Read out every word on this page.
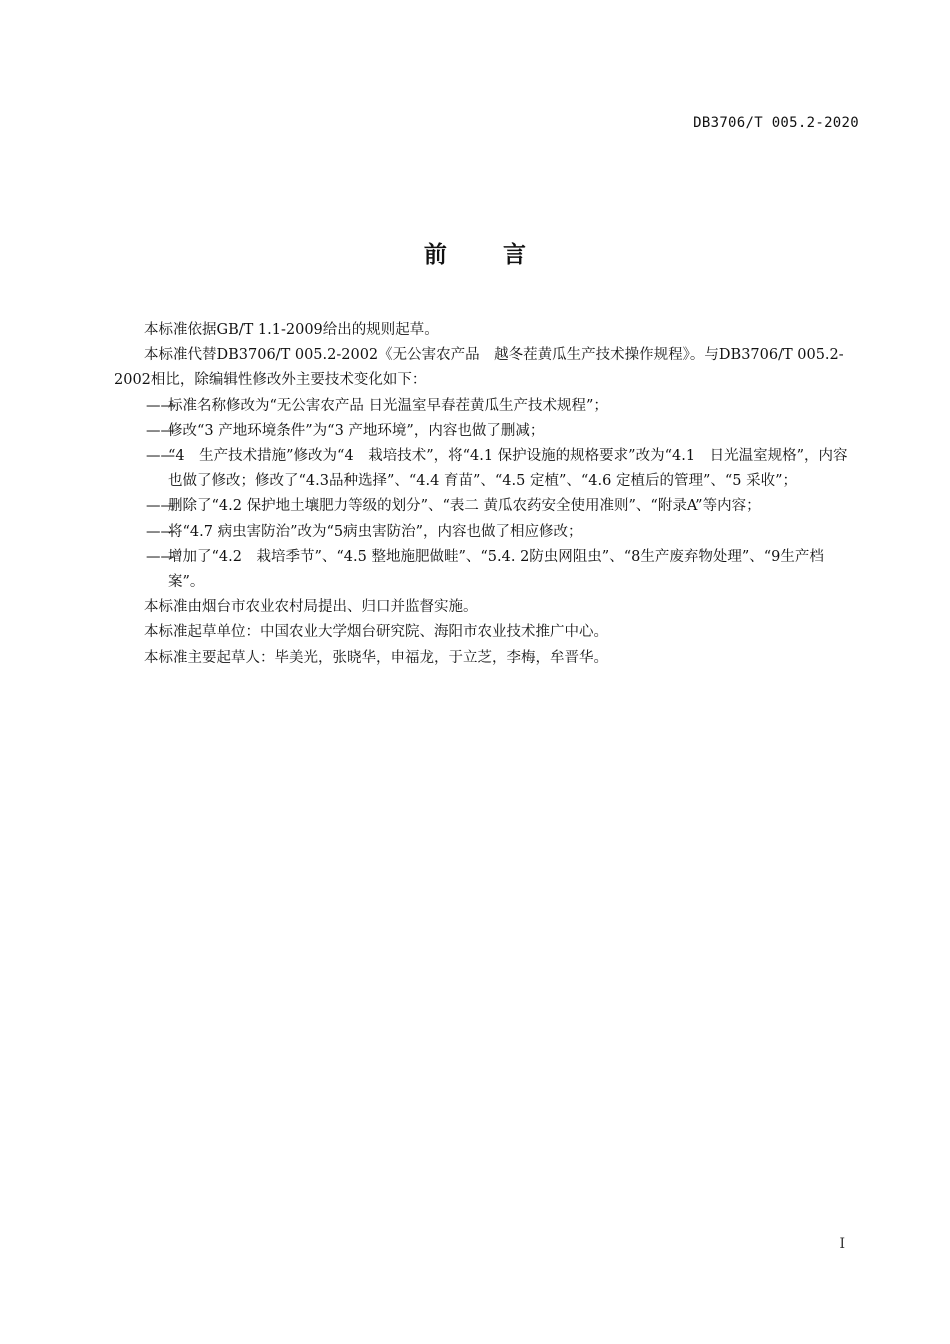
DB3706/T 005.2-2020
前 言

本标准依据GB/T 1.1-2009给出的规则起草。

本标准代替DB3706/T 005.2-2002《无公害农产品　越冬茬黄瓜生产技术操作规程》。与DB3706/T 005.2-2002相比，除编辑性修改外主要技术变化如下：

——
标准名称修改为“无公害农产品 日光温室早春茬黄瓜生产技术规程”；

——
修改“3 产地环境条件”为“3 产地环境”，内容也做了删减；

——
“4　生产技术措施”修改为“4　栽培技术”，将“4.1 保护设施的规格要求”改为“4.1　日光温室规格”，内容也做了修改；修改了“4.3品种选择”、“4.4 育苗”、“4.5 定植”、“4.6 定植后的管理”、“5 采收”；

——
删除了“4.2 保护地土壤肥力等级的划分”、“表二 黄瓜农药安全使用准则”、“附录A”等内容；

——
将“4.7 病虫害防治”改为“5病虫害防治”，内容也做了相应修改；

——
增加了“4.2　栽培季节”、“4.5 整地施肥做畦”、“5.4. 2防虫网阻虫”、“8生产废弃物处理”、“9生产档案”。

本标准由烟台市农业农村局提出、归口并监督实施。

本标准起草单位：中国农业大学烟台研究院、海阳市农业技术推广中心。

本标准主要起草人：毕美光，张晓华，申福龙，于立芝，李梅，牟晋华。

I
